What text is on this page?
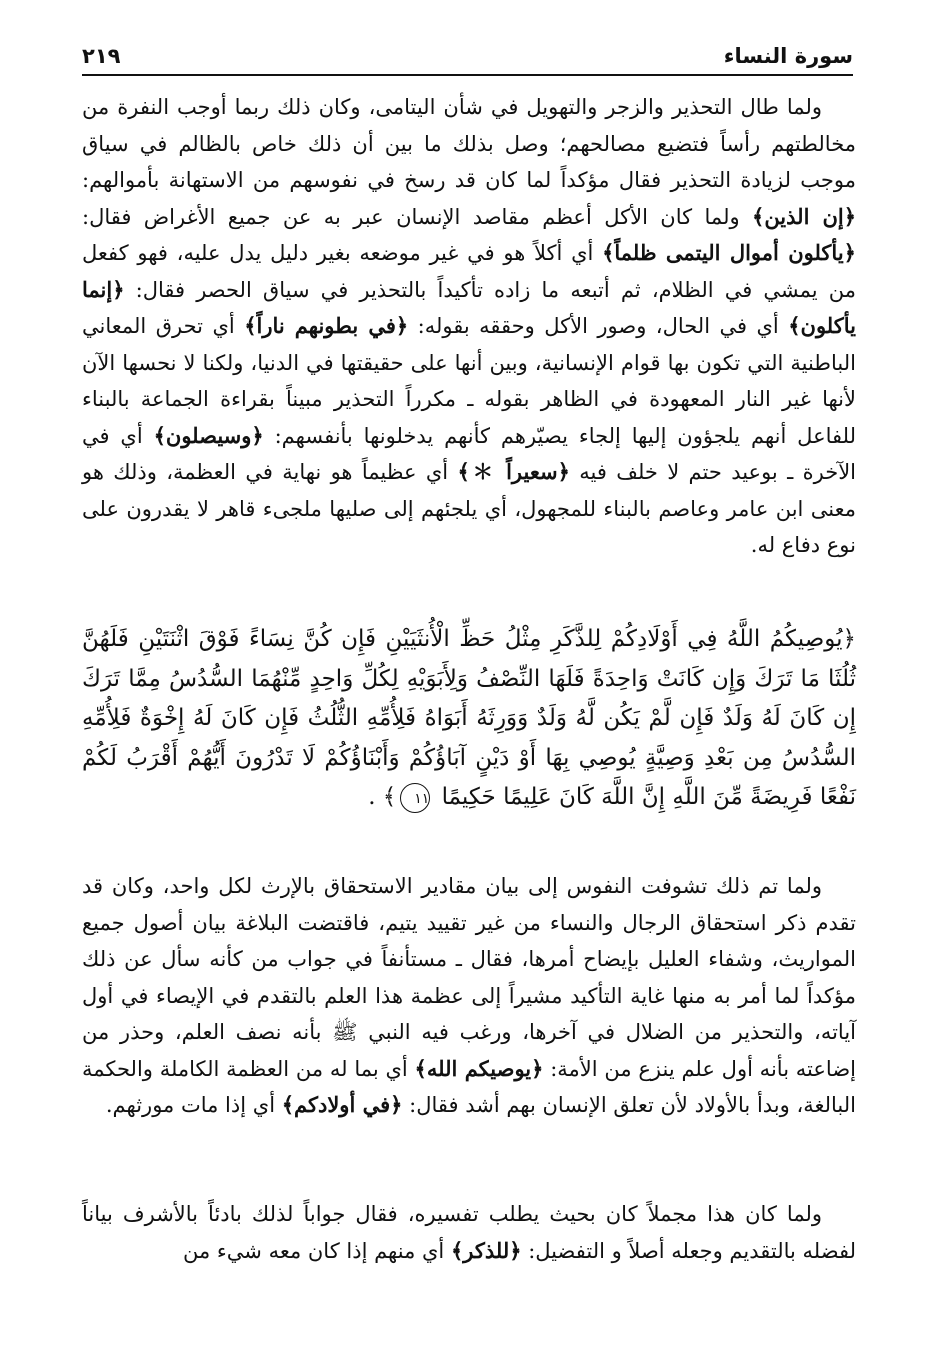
سورة النساء
٢١٩

ولما طال التحذير والزجر والتهويل في شأن اليتامى، وكان ذلك ربما أوجب النفرة من مخالطتهم رأساً فتضيع مصالحهم؛ وصل بذلك ما بين أن ذلك خاص بالظالم في سياق موجب لزيادة التحذير فقال مؤكداً لما كان قد رسخ في نفوسهم من الاستهانة بأموالهم: ﴿إن الذين﴾ ولما كان الأكل أعظم مقاصد الإنسان عبر به عن جميع الأغراض فقال: ﴿يأكلون أموال اليتمى ظلماً﴾ أي أكلاً هو في غير موضعه بغير دليل يدل عليه، فهو كفعل من يمشي في الظلام، ثم أتبعه ما زاده تأكيداً بالتحذير في سياق الحصر فقال: ﴿إنما يأكلون﴾ أي في الحال، وصور الأكل وحققه بقوله: ﴿في بطونهم ناراً﴾ أي تحرق المعاني الباطنية التي تكون بها قوام الإنسانية، وبين أنها على حقيقتها في الدنيا، ولكنا لا نحسها الآن لأنها غير النار المعهودة في الظاهر بقوله ـ مكرراً التحذير مبيناً بقراءة الجماعة بالبناء للفاعل أنهم يلجؤون إليها إلجاء يصيّرهم كأنهم يدخلونها بأنفسهم: ﴿وسيصلون﴾ أي في الآخرة ـ بوعيد حتم لا خلف فيه ﴿سعيراً ＊﴾ أي عظيماً هو نهاية في العظمة، وذلك هو معنى ابن عامر وعاصم بالبناء للمجهول، أي يلجئهم إلى صليها ملجىء قاهر لا يقدرون على نوع دفاع له.

﴿يُوصِيكُمُ اللَّهُ فِي أَوْلَادِكُمْ لِلذَّكَرِ مِثْلُ حَظِّ الْأُنثَيَيْنِ فَإِن كُنَّ نِسَاءً فَوْقَ اثْنَتَيْنِ فَلَهُنَّ ثُلُثَا مَا تَرَكَ وَإِن كَانَتْ وَاحِدَةً فَلَهَا النِّصْفُ وَلِأَبَوَيْهِ لِكُلِّ وَاحِدٍ مِّنْهُمَا السُّدُسُ مِمَّا تَرَكَ إِن كَانَ لَهُ وَلَدٌ فَإِن لَّمْ يَكُن لَّهُ وَلَدٌ وَوَرِثَهُ أَبَوَاهُ فَلِأُمِّهِ الثُّلُثُ فَإِن كَانَ لَهُ إِخْوَةٌ فَلِأُمِّهِ السُّدُسُ مِن بَعْدِ وَصِيَّةٍ يُوصِي بِهَا أَوْ دَيْنٍ آبَاؤُكُمْ وَأَبْنَاؤُكُمْ لَا تَدْرُونَ أَيُّهُمْ أَقْرَبُ لَكُمْ نَفْعًا فَرِيضَةً مِّنَ اللَّهِ إِنَّ اللَّهَ كَانَ عَلِيمًا حَكِيمًا ١١﴾ .

ولما تم ذلك تشوفت النفوس إلى بيان مقادير الاستحقاق بالإرث لكل واحد، وكان قد تقدم ذكر استحقاق الرجال والنساء من غير تقييد يتيم، فاقتضت البلاغة بيان أصول جميع المواريث، وشفاء العليل بإيضاح أمرها، فقال ـ مستأنفاً في جواب من كأنه سأل عن ذلك مؤكداً لما أمر به منها غاية التأكيد مشيراً إلى عظمة هذا العلم بالتقدم في الإيصاء في أول آياته، والتحذير من الضلال في آخرها، ورغب فيه النبي ﷺ بأنه نصف العلم، وحذر من إضاعته بأنه أول علم ينزع من الأمة: ﴿يوصيكم الله﴾ أي بما له من العظمة الكاملة والحكمة البالغة، وبدأ بالأولاد لأن تعلق الإنسان بهم أشد فقال: ﴿في أولادكم﴾ أي إذا مات مورثهم.

ولما كان هذا مجملاً كان بحيث يطلب تفسيره، فقال جواباً لذلك بادئاً بالأشرف بياناً لفضله بالتقديم وجعله أصلاً و التفضيل: ﴿للذكر﴾ أي منهم إذا كان معه شيء من
